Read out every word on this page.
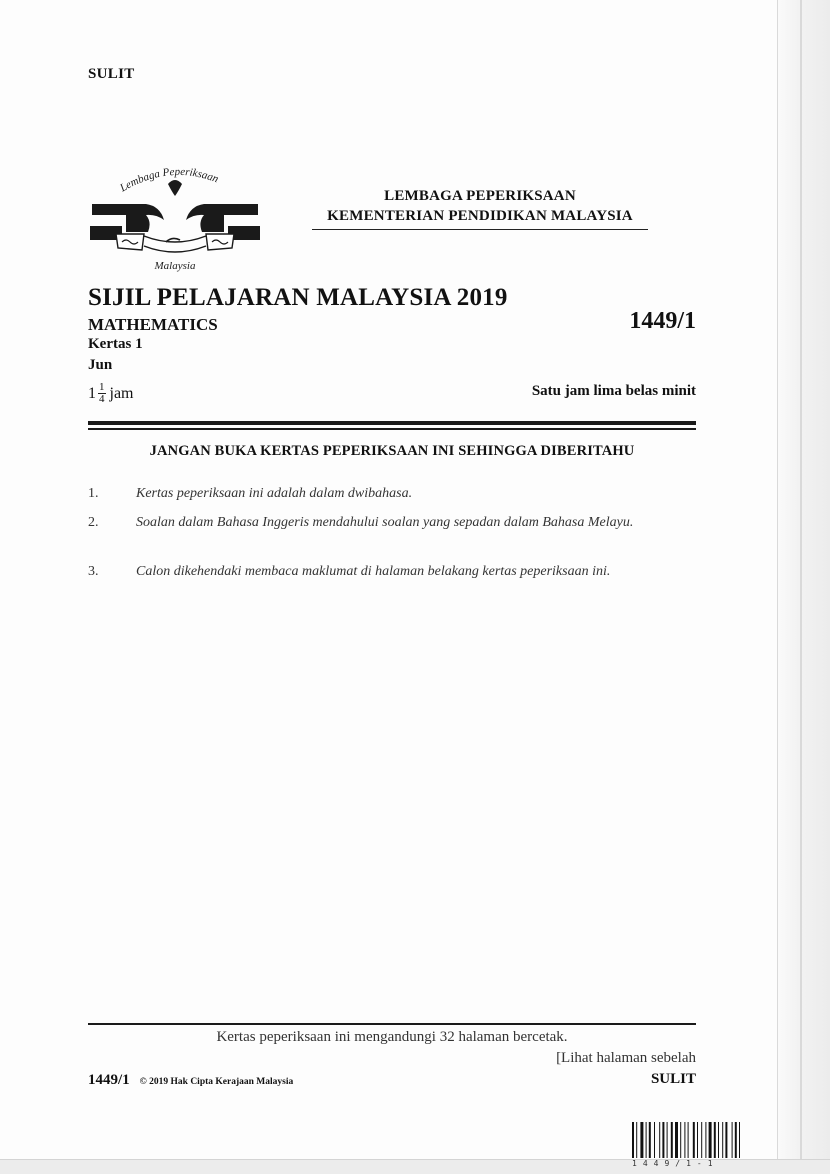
SULIT
Lembaga Peperiksaan
Malaysia
LEMBAGA PEPERIKSAAN
KEMENTERIAN PENDIDIKAN MALAYSIA
SIJIL PELAJARAN MALAYSIA 2019
MATHEMATICS	1449/1
Kertas 1
Jun
$1 \frac{1}{4}$ jam	Satu jam lima belas minit
JANGAN BUKA KERTAS PEPERIKSAAN INI SEHINGGA DIBERITAHU
1.	Kertas peperiksaan ini adalah dalam dwibahasa.
2.	Soalan dalam Bahasa Inggeris mendahului soalan yang sepadan dalam Bahasa Melayu.
3.	Calon dikehendaki membaca maklumat di halaman belakang kertas peperiksaan ini.
Kertas peperiksaan ini mengandungi 32 halaman bercetak.
[Lihat halaman sebelah
1449/1 © 2019 Hak Cipta Kerajaan Malaysia	SULIT
1449/1-1
